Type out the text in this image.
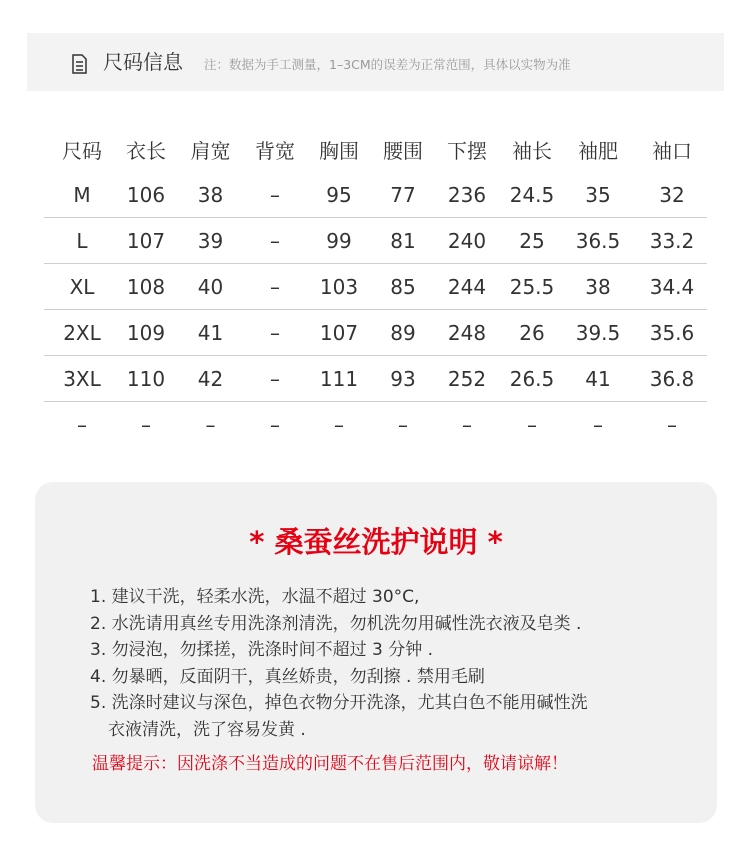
尺码信息 注：数据为手工测量，1–3CM的误差为正常范围，具体以实物为准
尺码	衣长	肩宽	背宽	胸围	腰围	下摆	袖长	袖肥	袖口
M	106	38	–	95	77	236	24.5	35	32
L	107	39	–	99	81	240	25	36.5	33.2
XL	108	40	–	103	85	244	25.5	38	34.4
2XL	109	41	–	107	89	248	26	39.5	35.6
3XL	110	42	–	111	93	252	26.5	41	36.8
–	–	–	–	–	–	–	–	–	–
* 桑蚕丝洗护说明 *
1. 建议干洗，轻柔水洗，水温不超过 30°C,
2. 水洗请用真丝专用洗涤剂清洗，勿机洗勿用碱性洗衣液及皂类 .
3. 勿浸泡，勿揉搓，洗涤时间不超过 3 分钟 .
4. 勿暴晒，反面阴干，真丝娇贵，勿刮擦 . 禁用毛刷
5. 洗涤时建议与深色，掉色衣物分开洗涤，尤其白色不能用碱性洗
衣液清洗，洗了容易发黄 .
温馨提示：因洗涤不当造成的问题不在售后范围内，敬请谅解！
